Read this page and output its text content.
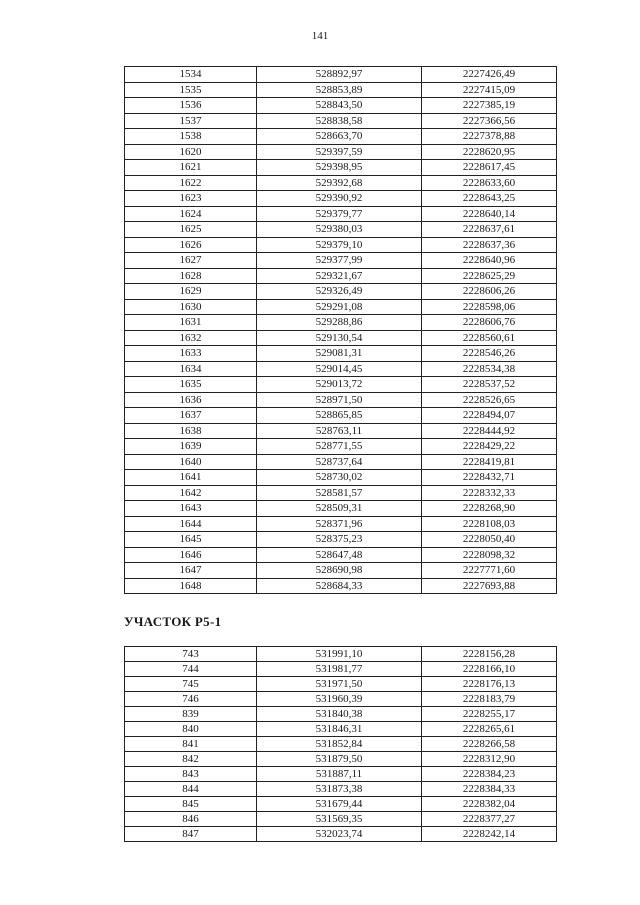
141
1534	528892,97	2227426,49
1535	528853,89	2227415,09
1536	528843,50	2227385,19
1537	528838,58	2227366,56
1538	528663,70	2227378,88
1620	529397,59	2228620,95
1621	529398,95	2228617,45
1622	529392,68	2228633,60
1623	529390,92	2228643,25
1624	529379,77	2228640,14
1625	529380,03	2228637,61
1626	529379,10	2228637,36
1627	529377,99	2228640,96
1628	529321,67	2228625,29
1629	529326,49	2228606,26
1630	529291,08	2228598,06
1631	529288,86	2228606,76
1632	529130,54	2228560,61
1633	529081,31	2228546,26
1634	529014,45	2228534,38
1635	529013,72	2228537,52
1636	528971,50	2228526,65
1637	528865,85	2228494,07
1638	528763,11	2228444,92
1639	528771,55	2228429,22
1640	528737,64	2228419,81
1641	528730,02	2228432,71
1642	528581,57	2228332,33
1643	528509,31	2228268,90
1644	528371,96	2228108,03
1645	528375,23	2228050,40
1646	528647,48	2228098,32
1647	528690,98	2227771,60
1648	528684,33	2227693,88
УЧАСТОК Р5-1
743	531991,10	2228156,28
744	531981,77	2228166,10
745	531971,50	2228176,13
746	531960,39	2228183,79
839	531840,38	2228255,17
840	531846,31	2228265,61
841	531852,84	2228266,58
842	531879,50	2228312,90
843	531887,11	2228384,23
844	531873,38	2228384,33
845	531679,44	2228382,04
846	531569,35	2228377,27
847	532023,74	2228242,14
